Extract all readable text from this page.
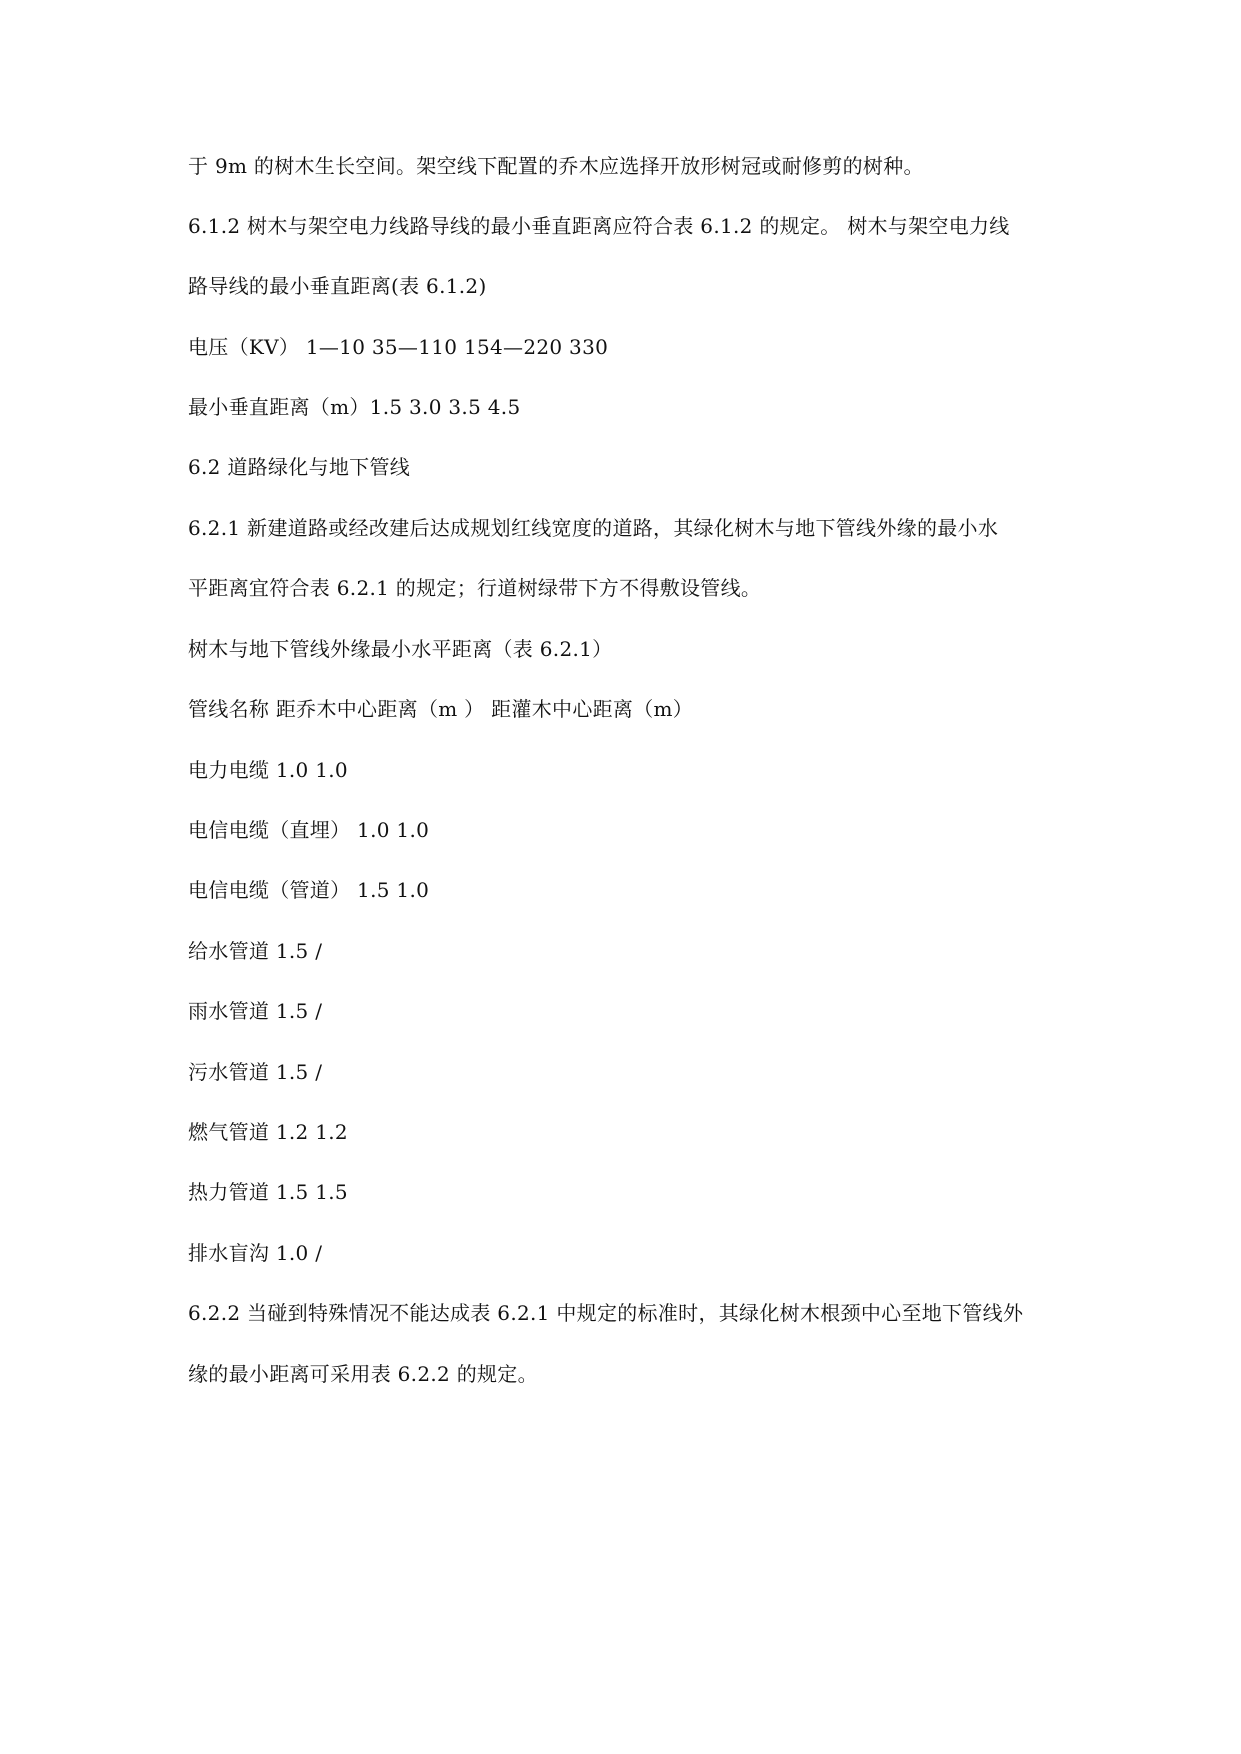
于 9m 的树木生长空间。架空线下配置的乔木应选择开放形树冠或耐修剪的树种。
6.1.2 树木与架空电力线路导线的最小垂直距离应符合表 6.1.2 的规定。 树木与架空电力线
路导线的最小垂直距离(表 6.1.2)
电压（KV） 1—10 35—110 154—220 330
最小垂直距离（m）1.5 3.0 3.5 4.5
6.2 道路绿化与地下管线
6.2.1 新建道路或经改建后达成规划红线宽度的道路，其绿化树木与地下管线外缘的最小水
平距离宜符合表 6.2.1 的规定；行道树绿带下方不得敷设管线。
树木与地下管线外缘最小水平距离（表 6.2.1）
管线名称 距乔木中心距离（m ） 距灌木中心距离（m）
电力电缆 1.0 1.0
电信电缆（直埋） 1.0 1.0
电信电缆（管道） 1.5 1.0
给水管道 1.5 /
雨水管道 1.5 /
污水管道 1.5 /
燃气管道 1.2 1.2
热力管道 1.5 1.5
排水盲沟 1.0 /
6.2.2 当碰到特殊情况不能达成表 6.2.1 中规定的标准时，其绿化树木根颈中心至地下管线外
缘的最小距离可采用表 6.2.2 的规定。
